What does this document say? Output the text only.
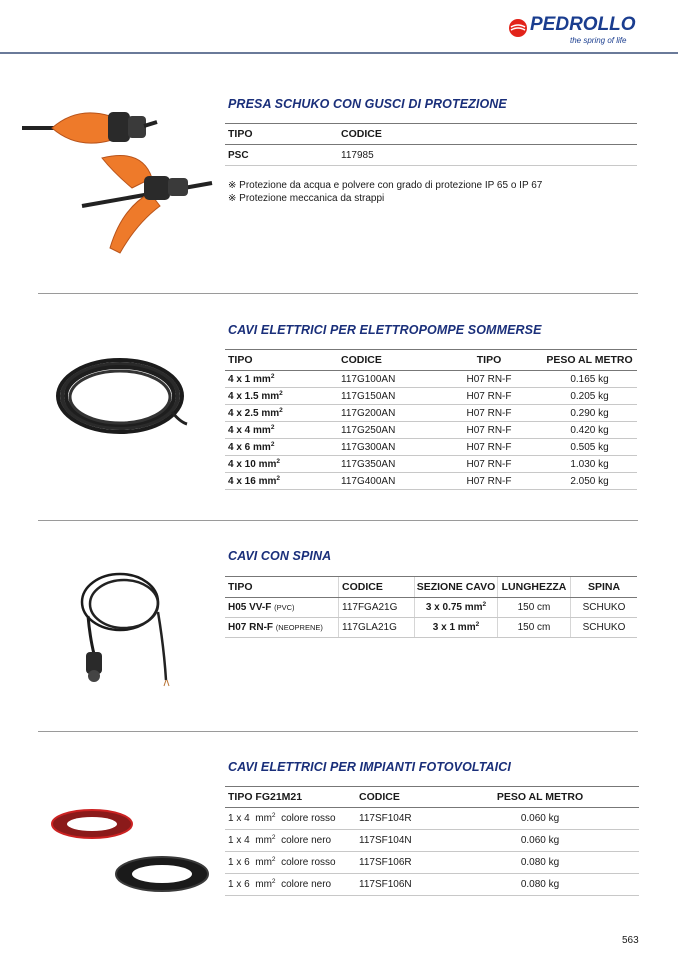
PEDROLLO
the spring of life
PRESA SCHUKO CON GUSCI DI PROTEZIONE
TIPO	CODICE
PSC	117985
※ Protezione da acqua e polvere con grado di protezione IP 65 o IP 67
※ Protezione meccanica da strappi
CAVI ELETTRICI PER ELETTROPOMPE SOMMERSE
TIPO	CODICE	TIPO	PESO AL METRO
4 x 1 $mm^2$	117G100AN	H07 RN-F	0.165 kg
4 x 1.5 $mm^2$	117G150AN	H07 RN-F	0.205 kg
4 x 2.5 $mm^2$	117G200AN	H07 RN-F	0.290 kg
4 x 4 $mm^2$	117G250AN	H07 RN-F	0.420 kg
4 x 6 $mm^2$	117G300AN	H07 RN-F	0.505 kg
4 x 10 $mm^2$	117G350AN	H07 RN-F	1.030 kg
4 x 16 $mm^2$	117G400AN	H07 RN-F	2.050 kg
CAVI CON SPINA
TIPO	CODICE	SEZIONE CAVO	LUNGHEZZA	SPINA
H05 VV-F (PVC)	117FGA21G	3 x 0.75 $mm^2$	150 cm	SCHUKO
H07 RN-F (NEOPRENE)	117GLA21G	3 x 1 $mm^2$	150 cm	SCHUKO
CAVI ELETTRICI PER IMPIANTI FOTOVOLTAICI
TIPO FG21M21	CODICE	PESO AL METRO
1 x 4  $mm^2$ colore rosso	117SF104R	0.060 kg
1 x 4  $mm^2$ colore nero	117SF104N	0.060 kg
1 x 6  $mm^2$ colore rosso	117SF106R	0.080 kg
1 x 6  $mm^2$ colore nero	117SF106N	0.080 kg
563
